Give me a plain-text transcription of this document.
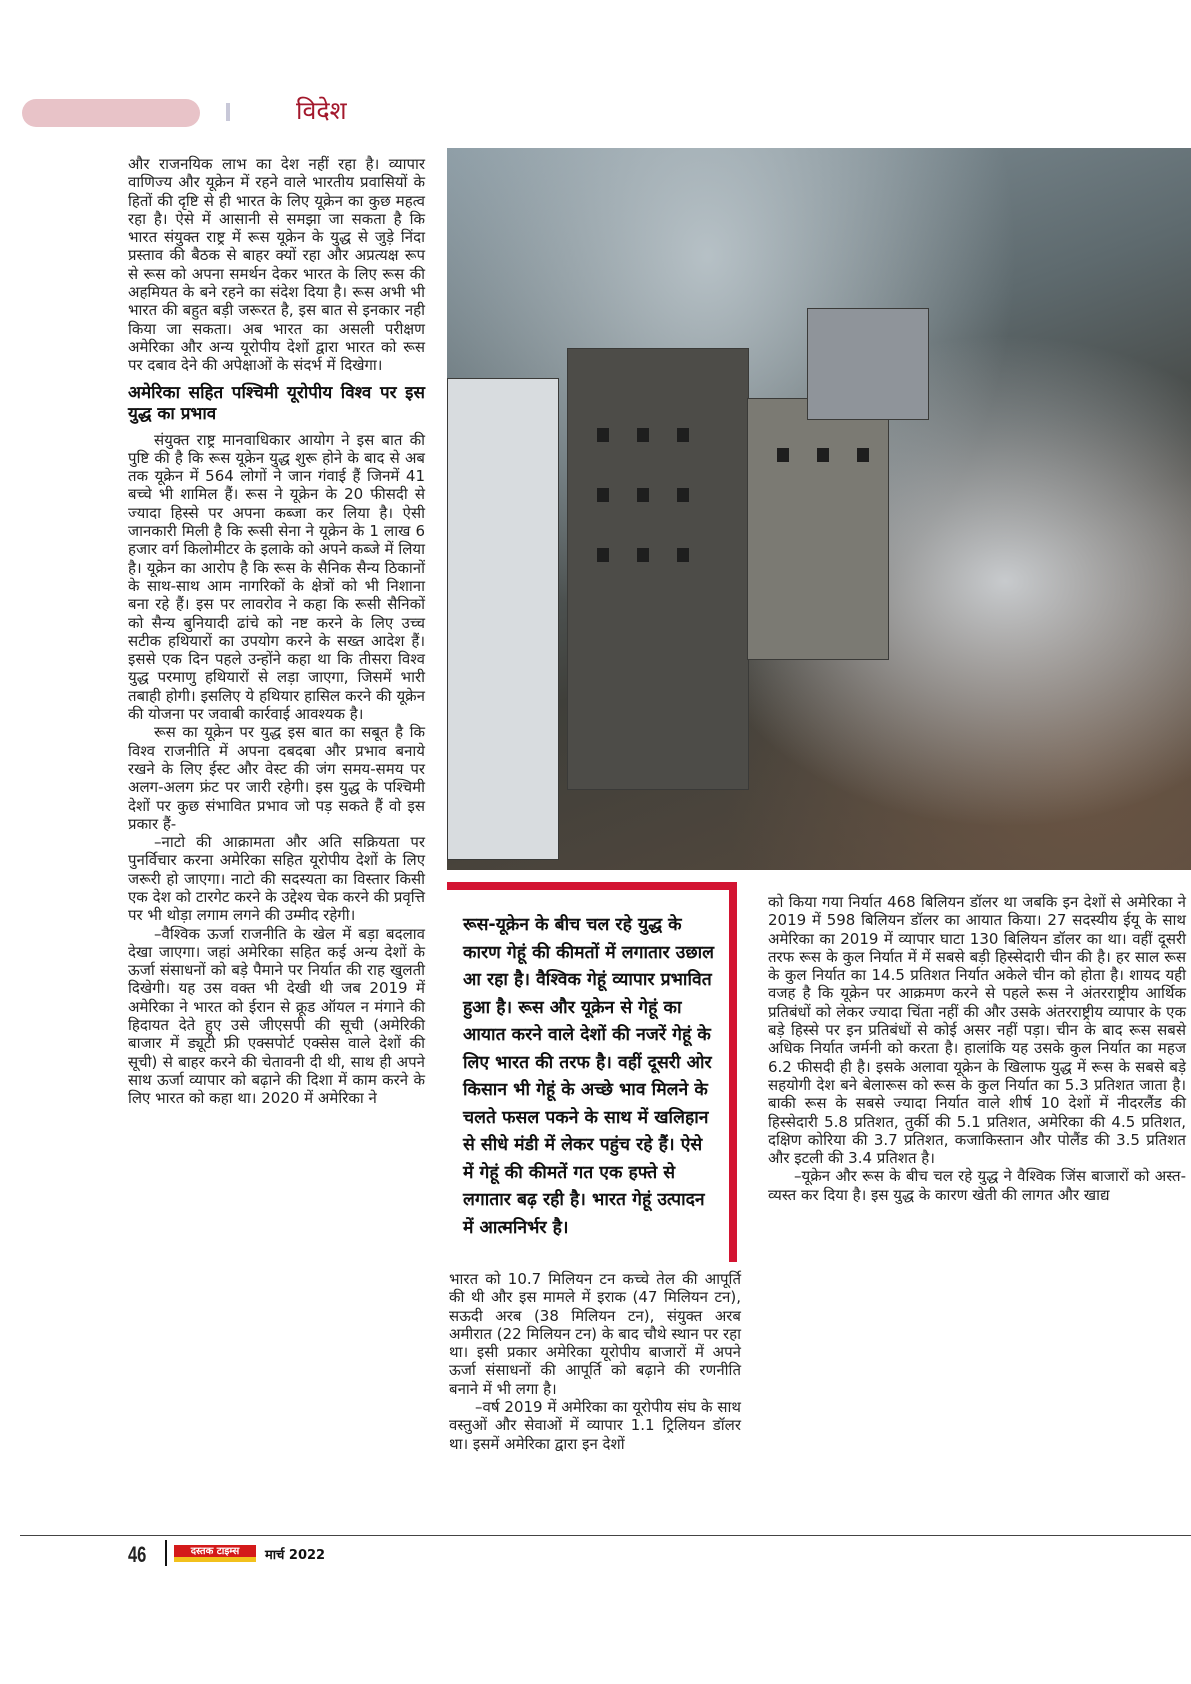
विदेश

और राजनयिक लाभ का देश नहीं रहा है। व्यापार वाणिज्य और यूक्रेन में रहने वाले भारतीय प्रवासियों के हितों की दृष्टि से ही भारत के लिए यूक्रेन का कुछ महत्व रहा है। ऐसे में आसानी से समझा जा सकता है कि भारत संयुक्त राष्ट्र में रूस यूक्रेन के युद्ध से जुड़े निंदा प्रस्ताव की बैठक से बाहर क्यों रहा और अप्रत्यक्ष रूप से रूस को अपना समर्थन देकर भारत के लिए रूस की अहमियत के बने रहने का संदेश दिया है। रूस अभी भी भारत की बहुत बड़ी जरूरत है, इस बात से इनकार नही किया जा सकता। अब भारत का असली परीक्षण अमेरिका और अन्य यूरोपीय देशों द्वारा भारत को रूस पर दबाव देने की अपेक्षाओं के संदर्भ में दिखेगा।

अमेरिका सहित पश्चिमी यूरोपीय विश्व पर इस युद्ध का प्रभाव

संयुक्त राष्ट्र मानवाधिकार आयोग ने इस बात की पुष्टि की है कि रूस यूक्रेन युद्ध शुरू होने के बाद से अब तक यूक्रेन में 564 लोगों ने जान गंवाई हैं जिनमें 41 बच्चे भी शामिल हैं। रूस ने यूक्रेन के 20 फीसदी से ज्यादा हिस्से पर अपना कब्जा कर लिया है। ऐसी जानकारी मिली है कि रूसी सेना ने यूक्रेन के 1 लाख 6 हजार वर्ग किलोमीटर के इलाके को अपने कब्जे में लिया है। यूक्रेन का आरोप है कि रूस के सैनिक सैन्य ठिकानों के साथ-साथ आम नागरिकों के क्षेत्रों को भी निशाना बना रहे हैं। इस पर लावरोव ने कहा कि रूसी सैनिकों को सैन्य बुनियादी ढांचे को नष्ट करने के लिए उच्च सटीक हथियारों का उपयोग करने के सख्त आदेश हैं। इससे एक दिन पहले उन्होंने कहा था कि तीसरा विश्व युद्ध परमाणु हथियारों से लड़ा जाएगा, जिसमें भारी तबाही होगी। इसलिए ये हथियार हासिल करने की यूक्रेन की योजना पर जवाबी कार्रवाई आवश्यक है।

रूस का यूक्रेन पर युद्ध इस बात का सबूत है कि विश्व राजनीति में अपना दबदबा और प्रभाव बनाये रखने के लिए ईस्ट और वेस्ट की जंग समय-समय पर अलग-अलग फ्रंट पर जारी रहेगी। इस युद्ध के पश्चिमी देशों पर कुछ संभावित प्रभाव जो पड़ सकते हैं वो इस प्रकार हैं-

–नाटो की आक्रामता और अति सक्रियता पर पुनर्विचार करना अमेरिका सहित यूरोपीय देशों के लिए जरूरी हो जाएगा। नाटो की सदस्यता का विस्तार किसी एक देश को टारगेट करने के उद्देश्य चेक करने की प्रवृत्ति पर भी थोड़ा लगाम लगने की उम्मीद रहेगी।

–वैश्विक ऊर्जा राजनीति के खेल में बड़ा बदलाव देखा जाएगा। जहां अमेरिका सहित कई अन्य देशों के ऊर्जा संसाधनों को बड़े पैमाने पर निर्यात की राह खुलती दिखेगी। यह उस वक्त भी देखी थी जब 2019 में अमेरिका ने भारत को ईरान से क्रूड ऑयल न मंगाने की हिदायत देते हुए उसे जीएसपी की सूची (अमेरिकी बाजार में ड्यूटी फ्री एक्सपोर्ट एक्सेस वाले देशों की सूची) से बाहर करने की चेतावनी दी थी, साथ ही अपने साथ ऊर्जा व्यापार को बढ़ाने की दिशा में काम करने के लिए भारत को कहा था। 2020 में अमेरिका ने

रूस-यूक्रेन के बीच चल रहे युद्ध के कारण गेहूं की कीमतों में लगातार उछाल आ रहा है। वैश्विक गेहूं व्यापार प्रभावित हुआ है। रूस और यूक्रेन से गेहूं का आयात करने वाले देशों की नजरें गेहूं के लिए भारत की तरफ है। वहीं दूसरी ओर किसान भी गेहूं के अच्छे भाव मिलने के चलते फसल पकने के साथ में खलिहान से सीधे मंडी में लेकर पहुंच रहे हैं। ऐसे में गेहूं की कीमतें गत एक हफ्ते से लगातार बढ़ रही है। भारत गेहूं उत्पादन में आत्मनिर्भर है।

भारत को 10.7 मिलियन टन कच्चे तेल की आपूर्ति की थी और इस मामले में इराक (47 मिलियन टन), सऊदी अरब (38 मिलियन टन), संयुक्त अरब अमीरात (22 मिलियन टन) के बाद चौथे स्थान पर रहा था। इसी प्रकार अमेरिका यूरोपीय बाजारों में अपने ऊर्जा संसाधनों की आपूर्ति को बढ़ाने की रणनीति बनाने में भी लगा है।

–वर्ष 2019 में अमेरिका का यूरोपीय संघ के साथ वस्तुओं और सेवाओं में व्यापार 1.1 ट्रिलियन डॉलर था। इसमें अमेरिका द्वारा इन देशों

को किया गया निर्यात 468 बिलियन डॉलर था जबकि इन देशों से अमेरिका ने 2019 में 598 बिलियन डॉलर का आयात किया। 27 सदस्यीय ईयू के साथ अमेरिका का 2019 में व्यापार घाटा 130 बिलियन डॉलर का था। वहीं दूसरी तरफ रूस के कुल निर्यात में में सबसे बड़ी हिस्सेदारी चीन की है। हर साल रूस के कुल निर्यात का 14.5 प्रतिशत निर्यात अकेले चीन को होता है। शायद यही वजह है कि यूक्रेन पर आक्रमण करने से पहले रूस ने अंतरराष्ट्रीय आर्थिक प्रतिबंधों को लेकर ज्यादा चिंता नहीं की और उसके अंतरराष्ट्रीय व्यापार के एक बड़े हिस्से पर इन प्रतिबंधों से कोई असर नहीं पड़ा। चीन के बाद रूस सबसे अधिक निर्यात जर्मनी को करता है। हालांकि यह उसके कुल निर्यात का महज 6.2 फीसदी ही है। इसके अलावा यूक्रेन के खिलाफ युद्ध में रूस के सबसे बड़े सहयोगी देश बने बेलारूस को रूस के कुल निर्यात का 5.3 प्रतिशत जाता है। बाकी रूस के सबसे ज्यादा निर्यात वाले शीर्ष 10 देशों में नीदरलैंड की हिस्सेदारी 5.8 प्रतिशत, तुर्की की 5.1 प्रतिशत, अमेरिका की 4.5 प्रतिशत, दक्षिण कोरिया की 3.7 प्रतिशत, कजाकिस्तान और पोलैंड की 3.5 प्रतिशत और इटली की 3.4 प्रतिशत है।

–यूक्रेन और रूस के बीच चल रहे युद्ध ने वैश्विक जिंस बाजारों को अस्त-व्यस्त कर दिया है। इस युद्ध के कारण खेती की लागत और खाद्य

46	दस्तक टाइम्स	मार्च 2022
